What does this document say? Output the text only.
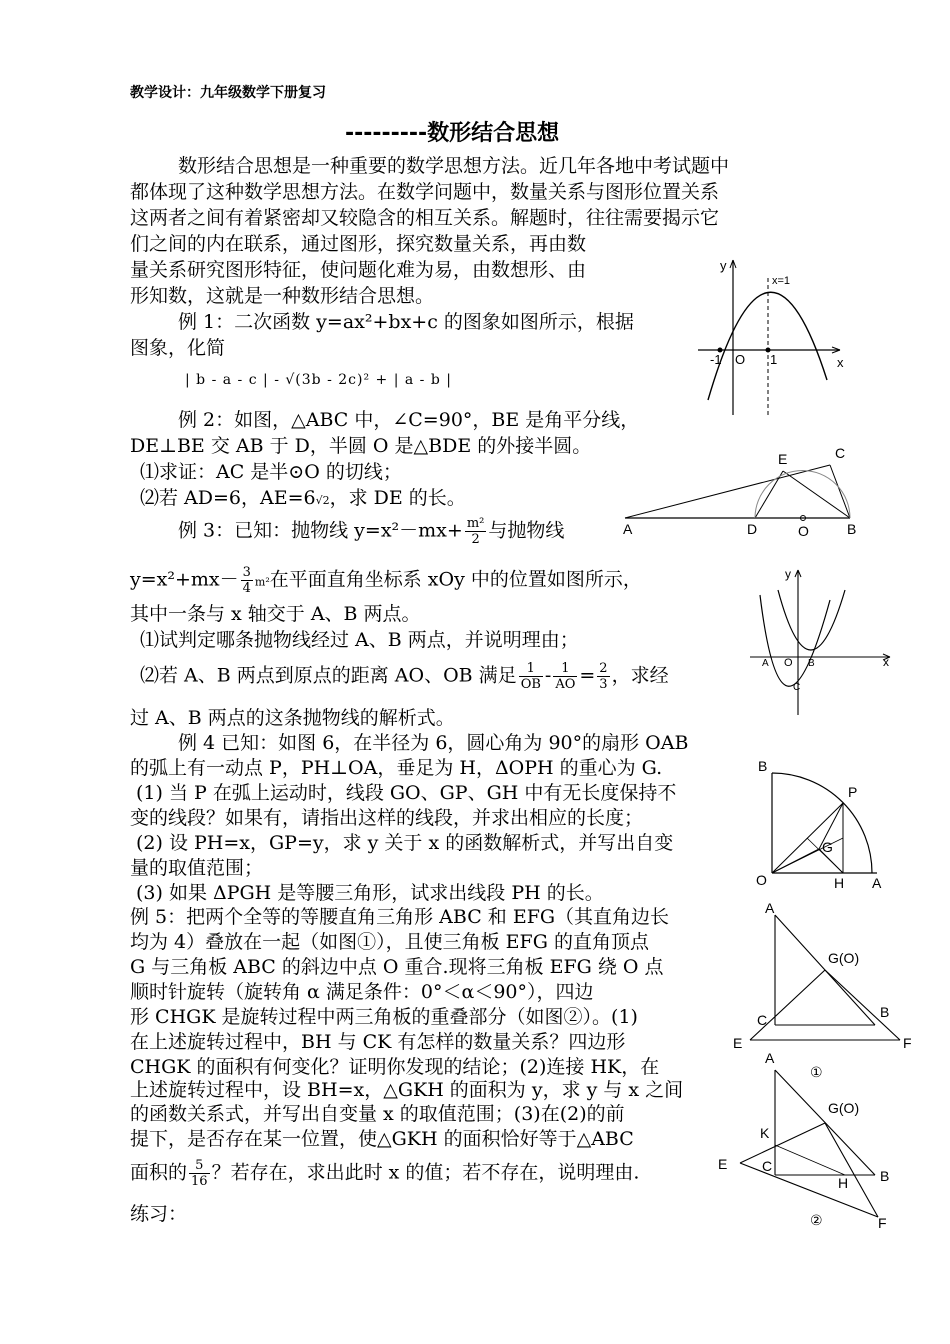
教学设计：九年级数学下册复习
---------数形结合思想
数形结合思想是一种重要的数学思想方法。近几年各地中考试题中
都体现了这种数学思想方法。在数学问题中，数量关系与图形位置关系
这两者之间有着紧密却又较隐含的相互关系。解题时，往往需要揭示它
们之间的内在联系，通过图形，探究数量关系，再由数
量关系研究图形特征，使问题化难为易，由数想形、由
形知数，这就是一种数形结合思想。
例 1：二次函数 y=ax²+bx+c 的图象如图所示，根据
图象，化简
| b - a - c | - √(3b - 2c)² + | a - b |
例 2：如图，△ABC 中，∠C=90°，BE 是角平分线，
DE⊥BE 交 AB 于 D，半圆 O 是△BDE 的外接半圆。
⑴求证：AC 是半⊙O 的切线；
⑵若 AD=6，AE=6√2，求 DE 的长。
例 3：已知：抛物线 $y=x^2-mx+ \frac{\text{m²}}{2}$ 与抛物线
$y=x^2+mx- \frac{3}{4} m^2$在平面直角坐标系 xOy 中的位置如图所示，
其中一条与 x 轴交于 A、B 两点。
⑴试判定哪条抛物线经过 A、B 两点，并说明理由；
⑵若 A、B 两点到原点的距离 AO、OB 满足 $\frac{1}{OB} - \frac{1}{AO} = \frac{2}{3}$ ，求经
过 A、B 两点的这条抛物线的解析式。
例 4 已知：如图 6，在半径为 6，圆心角为 90°的扇形 OAB
的弧上有一动点 P，PH⊥OA，垂足为 H，ΔOPH 的重心为 G.
(1) 当 P 在弧上运动时，线段 GO、GP、GH 中有无长度保持不
变的线段？如果有，请指出这样的线段，并求出相应的长度；
(2) 设 PH=x，GP=y，求 y 关于 x 的函数解析式，并写出自变
量的取值范围；
(3) 如果 ΔPGH 是等腰三角形，试求出线段 PH 的长。
例 5：把两个全等的等腰直角三角形 ABC 和 EFG（其直角边长
均为 4）叠放在一起（如图①），且使三角板 EFG 的直角顶点
G 与三角板 ABC 的斜边中点 O 重合.现将三角板 EFG 绕 O 点
顺时针旋转（旋转角 α 满足条件：0°＜α＜90°），四边
形 CHGK 是旋转过程中两三角板的重叠部分（如图②）。(1)
在上述旋转过程中，BH 与 CK 有怎样的数量关系？四边形
CHGK 的面积有何变化？证明你发现的结论；(2)连接 HK，在
上述旋转过程中，设 BH=x，△GKH 的面积为 y，求 y 与 x 之间
的函数关系式，并写出自变量 x 的取值范围；(3)在(2)的前
提下，是否存在某一位置，使△GKH 的面积恰好等于△ABC
面积的 $\frac{5}{16}$ ？若存在，求出此时 x 的值；若不存在，说明理由.
练习：
y
x
x=1
-1 O 1
A	D	O	B
E	C
y
x
A O B
C
B
P
G
O	H A
A
G(O)
C	B
E	F
①
A
G(O)
K
C
E
H B
F
②
